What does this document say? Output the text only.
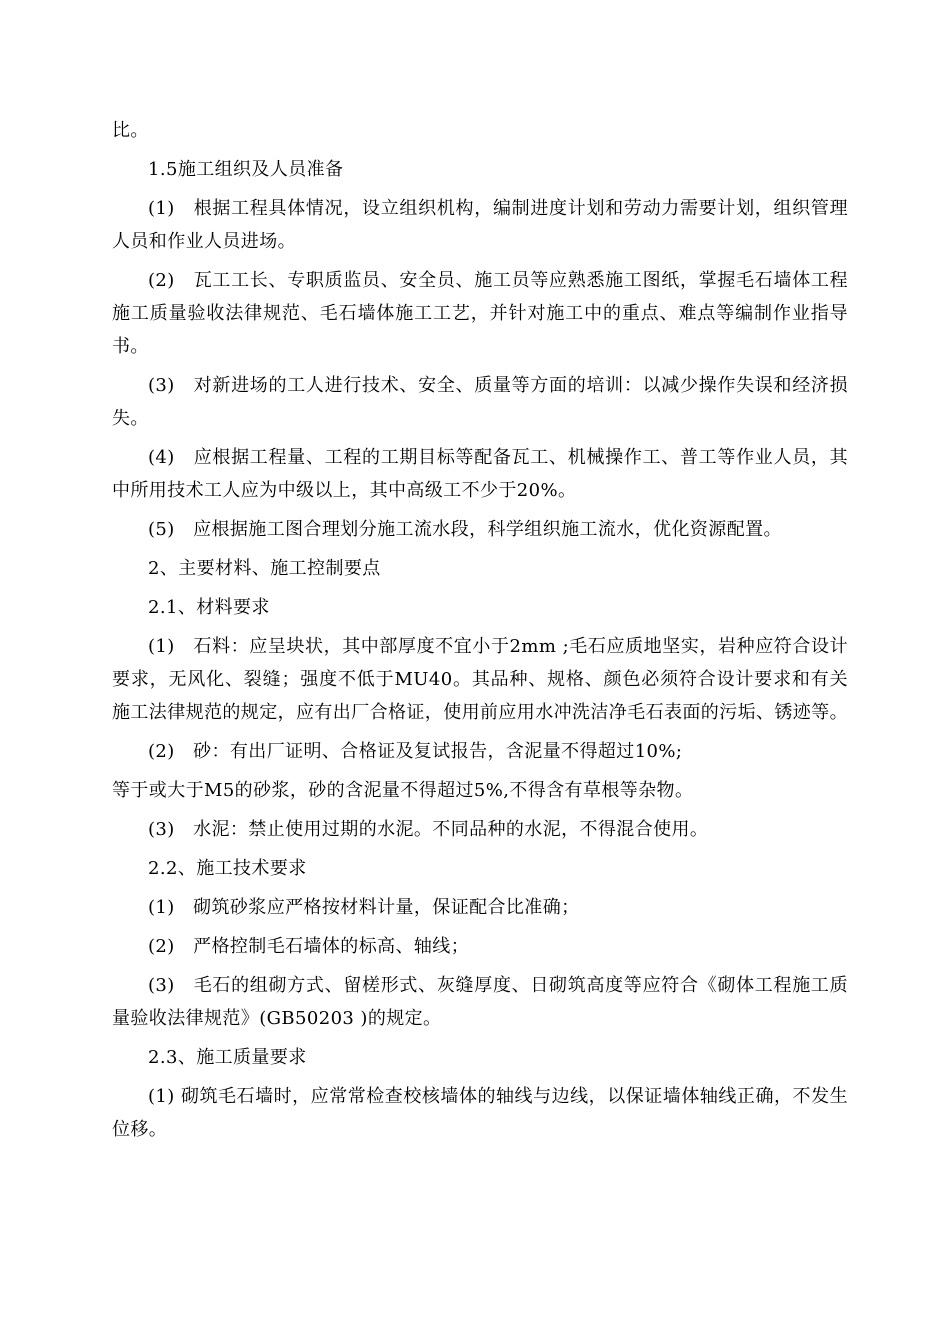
比。

1.5施工组织及人员准备

(1)　根据工程具体情况，设立组织机构，编制进度计划和劳动力需要计划，组织管理人员和作业人员进场。

(2)　瓦工工长、专职质监员、安全员、施工员等应熟悉施工图纸，掌握毛石墙体工程施工质量验收法律规范、毛石墙体施工工艺，并针对施工中的重点、难点等编制作业指导书。

(3)　对新进场的工人进行技术、安全、质量等方面的培训：以减少操作失误和经济损失。

(4)　应根据工程量、工程的工期目标等配备瓦工、机械操作工、普工等作业人员，其中所用技术工人应为中级以上，其中高级工不少于20%。

(5)　应根据施工图合理划分施工流水段，科学组织施工流水，优化资源配置。

2、主要材料、施工控制要点

2.1、材料要求

(1)　石料：应呈块状，其中部厚度不宜小于2mm ;毛石应质地坚实，岩种应符合设计要求，无风化、裂缝；强度不低于MU40。其品种、规格、颜色必须符合设计要求和有关施工法律规范的规定，应有出厂合格证，使用前应用水冲洗洁净毛石表面的污垢、锈迹等。

(2)　砂：有出厂证明、合格证及复试报告，含泥量不得超过10%;

等于或大于M5的砂浆，砂的含泥量不得超过5%,不得含有草根等杂物。

(3)　水泥：禁止使用过期的水泥。不同品种的水泥，不得混合使用。

2.2、施工技术要求

(1)　砌筑砂浆应严格按材料计量，保证配合比准确；

(2)　严格控制毛石墙体的标高、轴线；

(3)　毛石的组砌方式、留槎形式、灰缝厚度、日砌筑高度等应符合《砌体工程施工质量验收法律规范》(GB50203 )的规定。

2.3、施工质量要求

(1) 砌筑毛石墙时，应常常检查校核墙体的轴线与边线，以保证墙体轴线正确，不发生位移。
